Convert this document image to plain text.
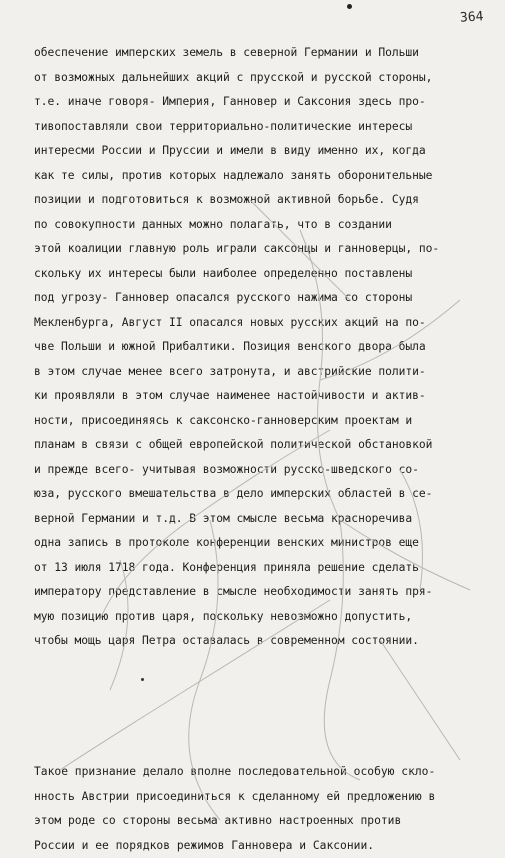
364
обеспечение имперских земель в северной Германии и Польши
от возможных дальнейших акций с прусской и русской стороны,
т.е. иначе говоря- Империя, Ганновер и Саксония здесь про-
тивопоставляли свои территориально-политические интересы
интересми России и Пруссии и имели в виду именно их, когда
как те силы, против которых надлежало занять оборонительные
позиции и подготовиться к возможной активной борьбе. Судя
по совокупности данных можно полагать, что в создании
этой коалиции главную роль играли саксонцы и ганноверцы, по-
скольку их интересы были наиболее определенно поставлены
под угрозу- Ганновер опасался русского нажима со стороны
Мекленбурга, Август II опасался новых русских акций на по-
чве Польши и южной Прибалтики. Позиция венского двора была
в этом случае менее всего затронута, и австрийские полити-
ки проявляли в этом случае наименее настойчивости и актив-
ности, присоединяясь к саксонско-ганноверским проектам и
планам в связи с общей европейской политической обстановкой
и прежде всего- учитывая возможности русско-шведского со-
юза, русского вмешательства в дело имперских областей в се-
верной Германии и т.д. В этом смысле весьма красноречива
одна запись в протоколе конференции венских министров еще
от 13 июля 1718 года. Конференция приняла решение сделать
императору представление в смысле необходимости занять пря-
мую позицию против царя, поскольку невозможно допустить,
чтобы мощь царя Петра оставалась в современном состоянии.
Такое признание делало вполне последовательной особую скло-
нность Австрии присоединиться к сделанному ей предложению в
этом роде со стороны весьма активно настроенных против
России и ее порядков режимов Ганновера и Саксонии.
